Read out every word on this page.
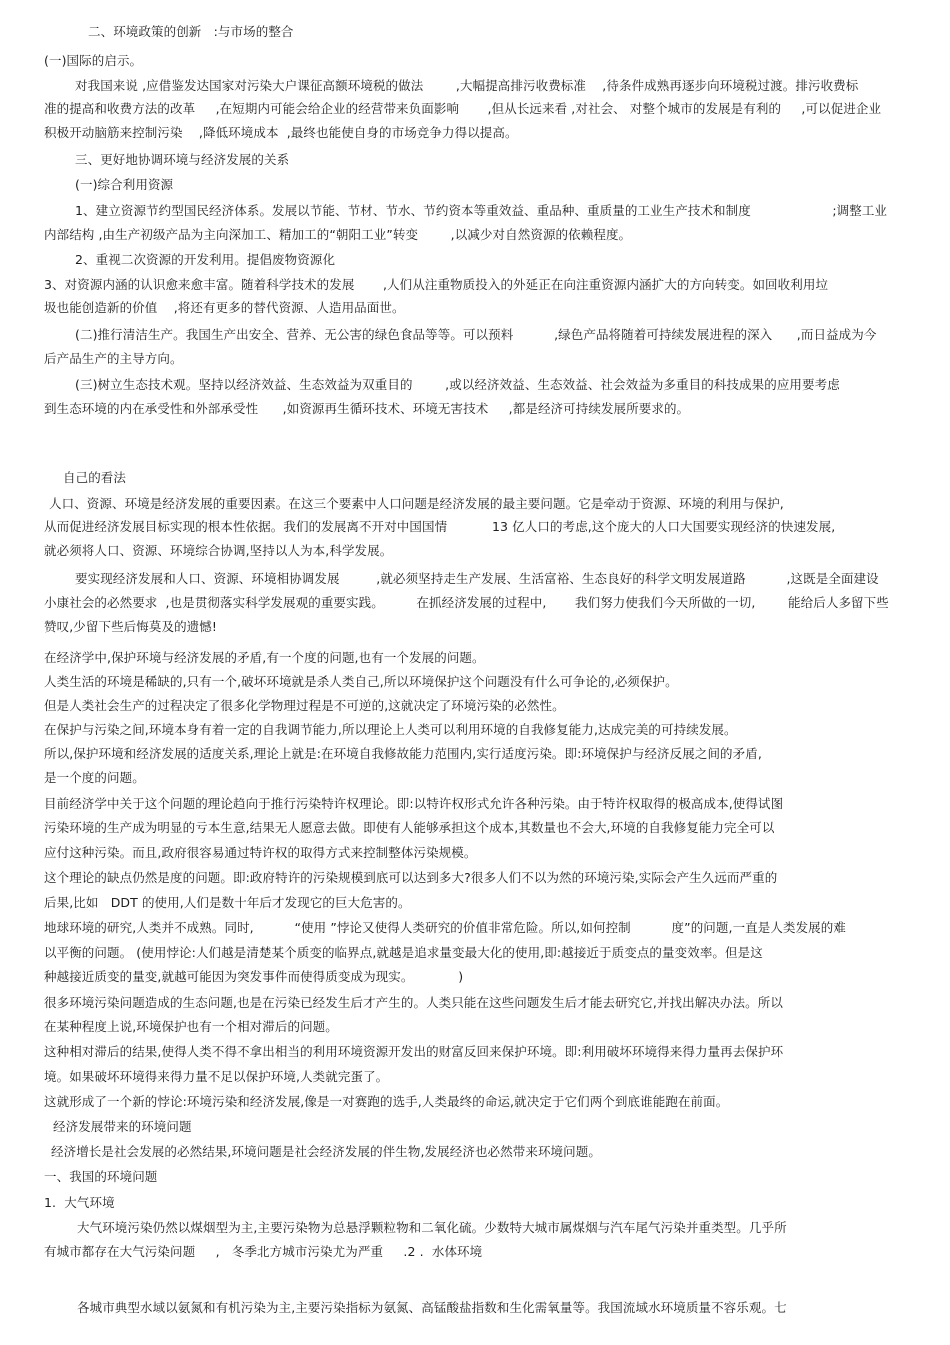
二、环境政策的创新   :与市场的整合
(一)国际的启示。
对我国来说 ,应借鉴发达国家对污染大户课征高额环境税的做法        ,大幅提高排污收费标准    ,待条件成熟再逐步向环境税过渡。排污收费标
准的提高和收费方法的改革     ,在短期内可能会给企业的经营带来负面影响       ,但从长远来看 ,对社会、 对整个城市的发展是有利的     ,可以促进企业
积极开动脑筋来控制污染    ,降低环境成本  ,最终也能使自身的市场竞争力得以提高。
三、更好地协调环境与经济发展的关系
(一)综合利用资源
1、建立资源节约型国民经济体系。发展以节能、节材、节水、节约资本等重效益、重品种、重质量的工业生产技术和制度                    ;调整工业
内部结构 ,由生产初级产品为主向深加工、精加工的“朝阳工业”转变        ,以减少对自然资源的依赖程度。
2、重视二次资源的开发利用。提倡废物资源化
3、对资源内涵的认识愈来愈丰富。随着科学技术的发展       ,人们从注重物质投入的外延正在向注重资源内涵扩大的方向转变。如回收利用垃
圾也能创造新的价值    ,将还有更多的替代资源、人造用品面世。
(二)推行清洁生产。我国生产出安全、营养、无公害的绿色食品等等。可以预料          ,绿色产品将随着可持续发展进程的深入      ,而日益成为今
后产品生产的主导方向。
(三)树立生态技术观。坚持以经济效益、生态效益为双重目的        ,或以经济效益、生态效益、社会效益为多重目的科技成果的应用要考虑
到生态环境的内在承受性和外部承受性      ,如资源再生循环技术、环境无害技术     ,都是经济可持续发展所要求的。
自己的看法
人口、资源、环境是经济发展的重要因素。在这三个要素中人口问题是经济发展的最主要问题。它是牵动于资源、环境的利用与保护,
从而促进经济发展目标实现的根本性依据。我们的发展离不开对中国国情           13 亿人口的考虑,这个庞大的人口大国要实现经济的快速发展,
就必须将人口、资源、环境综合协调,坚持以人为本,科学发展。
要实现经济发展和人口、资源、环境相协调发展         ,就必须坚持走生产发展、生活富裕、生态良好的科学文明发展道路          ,这既是全面建设
小康社会的必然要求  ,也是贯彻落实科学发展观的重要实践。        在抓经济发展的过程中,       我们努力使我们今天所做的一切,        能给后人多留下些
赞叹,少留下些后悔莫及的遗憾!
在经济学中,保护环境与经济发展的矛盾,有一个度的问题,也有一个发展的问题。
人类生活的环境是稀缺的,只有一个,破坏环境就是杀人类自己,所以环境保护这个问题没有什么可争论的,必须保护。
但是人类社会生产的过程决定了很多化学物理过程是不可逆的,这就决定了环境污染的必然性。
在保护与污染之间,环境本身有着一定的自我调节能力,所以理论上人类可以利用环境的自我修复能力,达成完美的可持续发展。
所以,保护环境和经济发展的适度关系,理论上就是:在环境自我修故能力范围内,实行适度污染。即:环境保护与经济反展之间的矛盾,
是一个度的问题。
目前经济学中关于这个问题的理论趋向于推行污染特许权理论。即:以特许权形式允许各种污染。由于特许权取得的极高成本,使得试图
污染环境的生产成为明显的亏本生意,结果无人愿意去做。即使有人能够承担这个成本,其数量也不会大,环境的自我修复能力完全可以
应付这种污染。而且,政府很容易通过特许权的取得方式来控制整体污染规模。
这个理论的缺点仍然是度的问题。即:政府特许的污染规模到底可以达到多大?很多人们不以为然的环境污染,实际会产生久远而严重的
后果,比如   DDT 的使用,人们是数十年后才发现它的巨大危害的。
地球环境的研究,人类并不成熟。同时,          “使用 ”悖论又使得人类研究的价值非常危险。所以,如何控制          度”的问题,一直是人类发展的难
以平衡的问题。 (使用悖论:人们越是清楚某个质变的临界点,就越是追求量变最大化的使用,即:越接近于质变点的量变效率。但是这
种越接近质变的量变,就越可能因为突发事件而使得质变成为现实。           )
很多环境污染问题造成的生态问题,也是在污染已经发生后才产生的。人类只能在这些问题发生后才能去研究它,并找出解决办法。所以
在某种程度上说,环境保护也有一个相对滞后的问题。
这种相对滞后的结果,使得人类不得不拿出相当的利用环境资源开发出的财富反回来保护环境。即:利用破坏环境得来得力量再去保护环
境。如果破坏环境得来得力量不足以保护环境,人类就完蛋了。
这就形成了一个新的悖论:环境污染和经济发展,像是一对赛跑的选手,人类最终的命运,就决定于它们两个到底谁能跑在前面。
经济发展带来的环境问题
经济增长是社会发展的必然结果,环境问题是社会经济发展的伴生物,发展经济也必然带来环境问题。
一、我国的环境问题
1.  大气环境
大气环境污染仍然以煤烟型为主,主要污染物为总悬浮颗粒物和二氧化硫。少数特大城市属煤烟与汽车尾气污染并重类型。几乎所
有城市都存在大气污染问题     ,   冬季北方城市污染尤为严重     .2 .  水体环境
各城市典型水域以氨氮和有机污染为主,主要污染指标为氨氮、高锰酸盐指数和生化需氧量等。我国流域水环境质量不容乐观。七
